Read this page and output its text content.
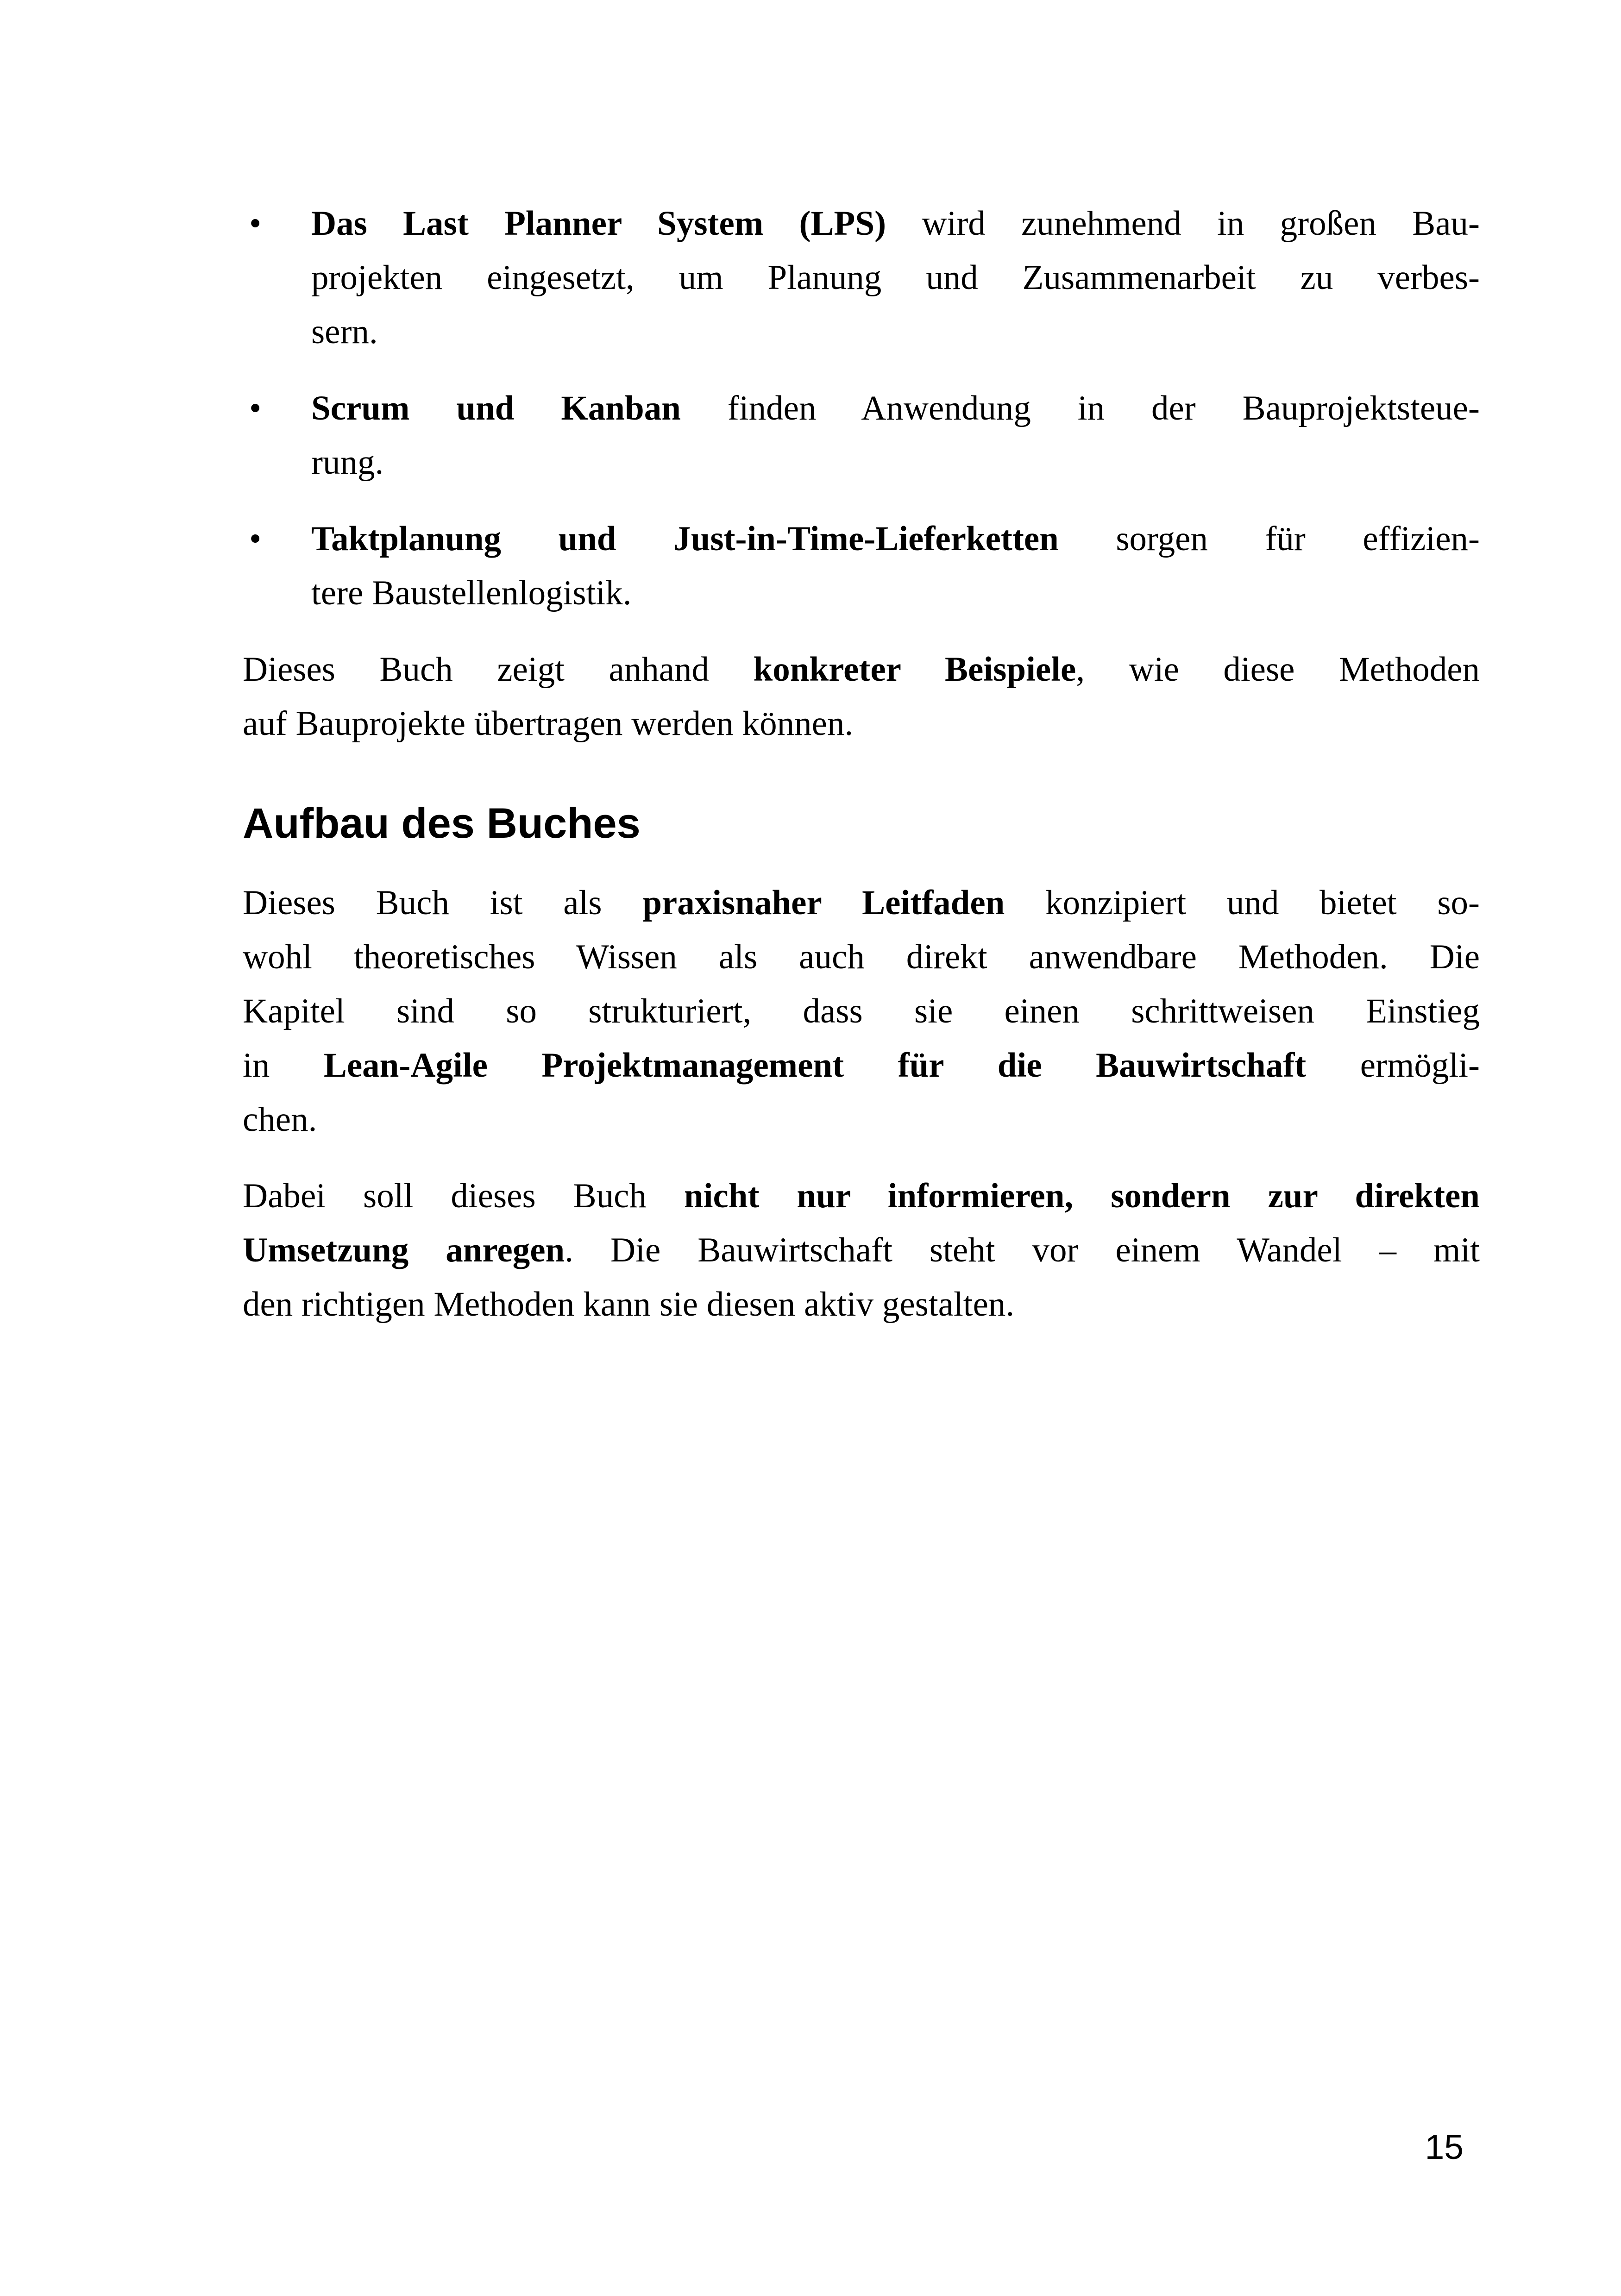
• Das Last Planner System (LPS) wird zunehmend in großen Bau-
projekten eingesetzt, um Planung und Zusammenarbeit zu verbes-
sern.
• Scrum und Kanban finden Anwendung in der Bauprojektsteue-
rung.
• Taktplanung und Just-in-Time-Lieferketten sorgen für effizien-
tere Baustellenlogistik.
Dieses Buch zeigt anhand konkreter Beispiele, wie diese Methoden
auf Bauprojekte übertragen werden können.
Aufbau des Buches
Dieses Buch ist als praxisnaher Leitfaden konzipiert und bietet so-
wohl theoretisches Wissen als auch direkt anwendbare Methoden. Die
Kapitel sind so strukturiert, dass sie einen schrittweisen Einstieg
in Lean-Agile Projektmanagement für die Bauwirtschaft ermögli-
chen.
Dabei soll dieses Buch nicht nur informieren, sondern zur direkten
Umsetzung anregen. Die Bauwirtschaft steht vor einem Wandel – mit
den richtigen Methoden kann sie diesen aktiv gestalten.
15
